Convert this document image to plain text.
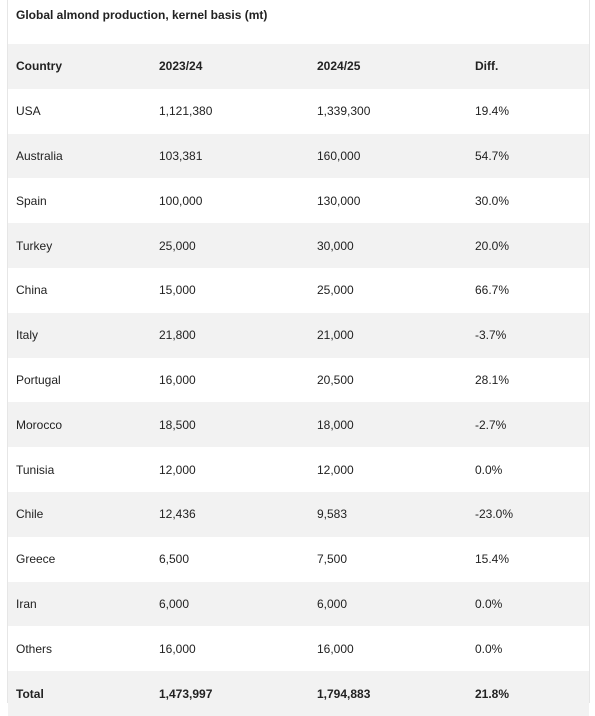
Global almond production, kernel basis (mt)
Country	2023/24	2024/25	Diff.
USA	1,121,380	1,339,300	19.4%
Australia	103,381	160,000	54.7%
Spain	100,000	130,000	30.0%
Turkey	25,000	30,000	20.0%
China	15,000	25,000	66.7%
Italy	21,800	21,000	-3.7%
Portugal	16,000	20,500	28.1%
Morocco	18,500	18,000	-2.7%
Tunisia	12,000	12,000	0.0%
Chile	12,436	9,583	-23.0%
Greece	6,500	7,500	15.4%
Iran	6,000	6,000	0.0%
Others	16,000	16,000	0.0%
Total	1,473,997	1,794,883	21.8%
